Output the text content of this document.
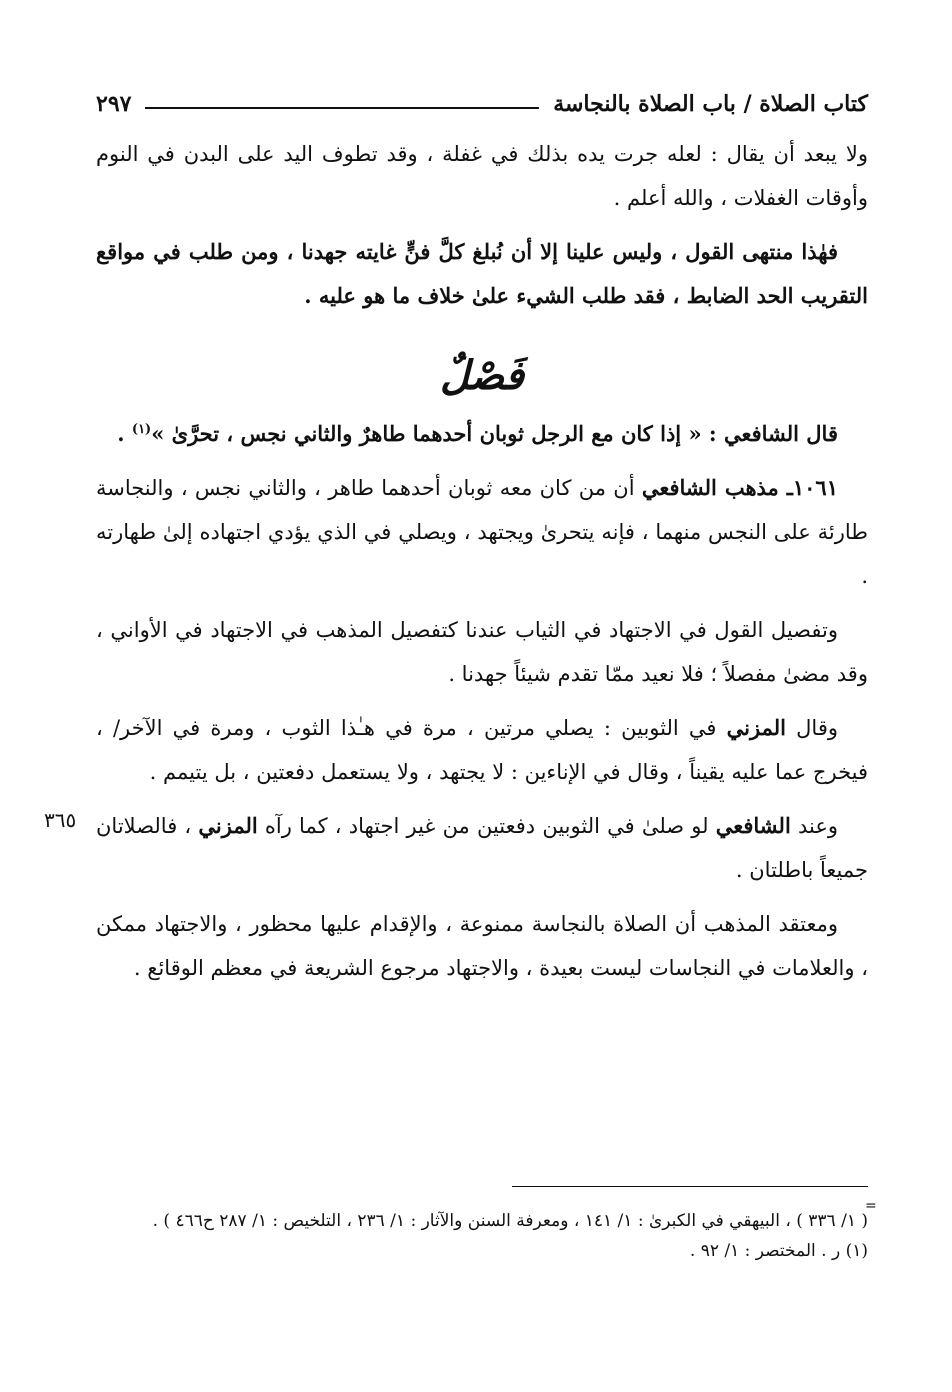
كتاب الصلاة / باب الصلاة بالنجاسة
٢٩٧

ولا يبعد أن يقال : لعله جرت يده بذلك في غفلة ، وقد تطوف اليد على البدن في النوم وأوقات الغفلات ، والله أعلم .

فهٰذا منتهى القول ، وليس علينا إلا أن نُبلغ كلَّ فنٍّ غايته جهدنا ، ومن طلب في مواقع التقريب الحد الضابط ، فقد طلب الشيء علىٰ خلاف ما هو عليه .

فَصْلٌ

قال الشافعي : « إذا كان مع الرجل ثوبان أحدهما طاهرٌ والثاني نجس ، تحرَّىٰ »$^{(١)}$ .

١٠٦١ـ مذهب الشافعي أن من كان معه ثوبان أحدهما طاهر ، والثاني نجس ، والنجاسة طارئة على النجس منهما ، فإنه يتحرىٰ ويجتهد ، ويصلي في الذي يؤدي اجتهاده إلىٰ طهارته .

وتفصيل القول في الاجتهاد في الثياب عندنا كتفصيل المذهب في الاجتهاد في الأواني ، وقد مضىٰ مفصلاً ؛ فلا نعيد ممّا تقدم شيئاً جهدنا .

وقال المزني في الثوبين : يصلي مرتين ، مرة في هـٰذا الثوب ، ومرة في الآخر/ ، فيخرج عما عليه يقيناً ، وقال في الإناءين : لا يجتهد ، ولا يستعمل دفعتين ، بل يتيمم .

وعند الشافعي لو صلىٰ في الثوبين دفعتين من غير اجتهاد ، كما رآه المزني ، فالصلاتان جميعاً باطلتان .

ومعتقد المذهب أن الصلاة بالنجاسة ممنوعة ، والإقدام عليها محظور ، والاجتهاد ممكن ، والعلامات في النجاسات ليست بعيدة ، والاجتهاد مرجوع الشريعة في معظم الوقائع .

٣٦٥
=

( ١/ ٣٣٦ ) ، البيهقي في الكبرىٰ : ١/ ١٤١ ، ومعرفة السنن والآثار : ١/ ٢٣٦ ، التلخيص : ١/ ٢٨٧ ح٤٦٦ ) .

(١) ر . المختصر : ١/ ٩٢ .
